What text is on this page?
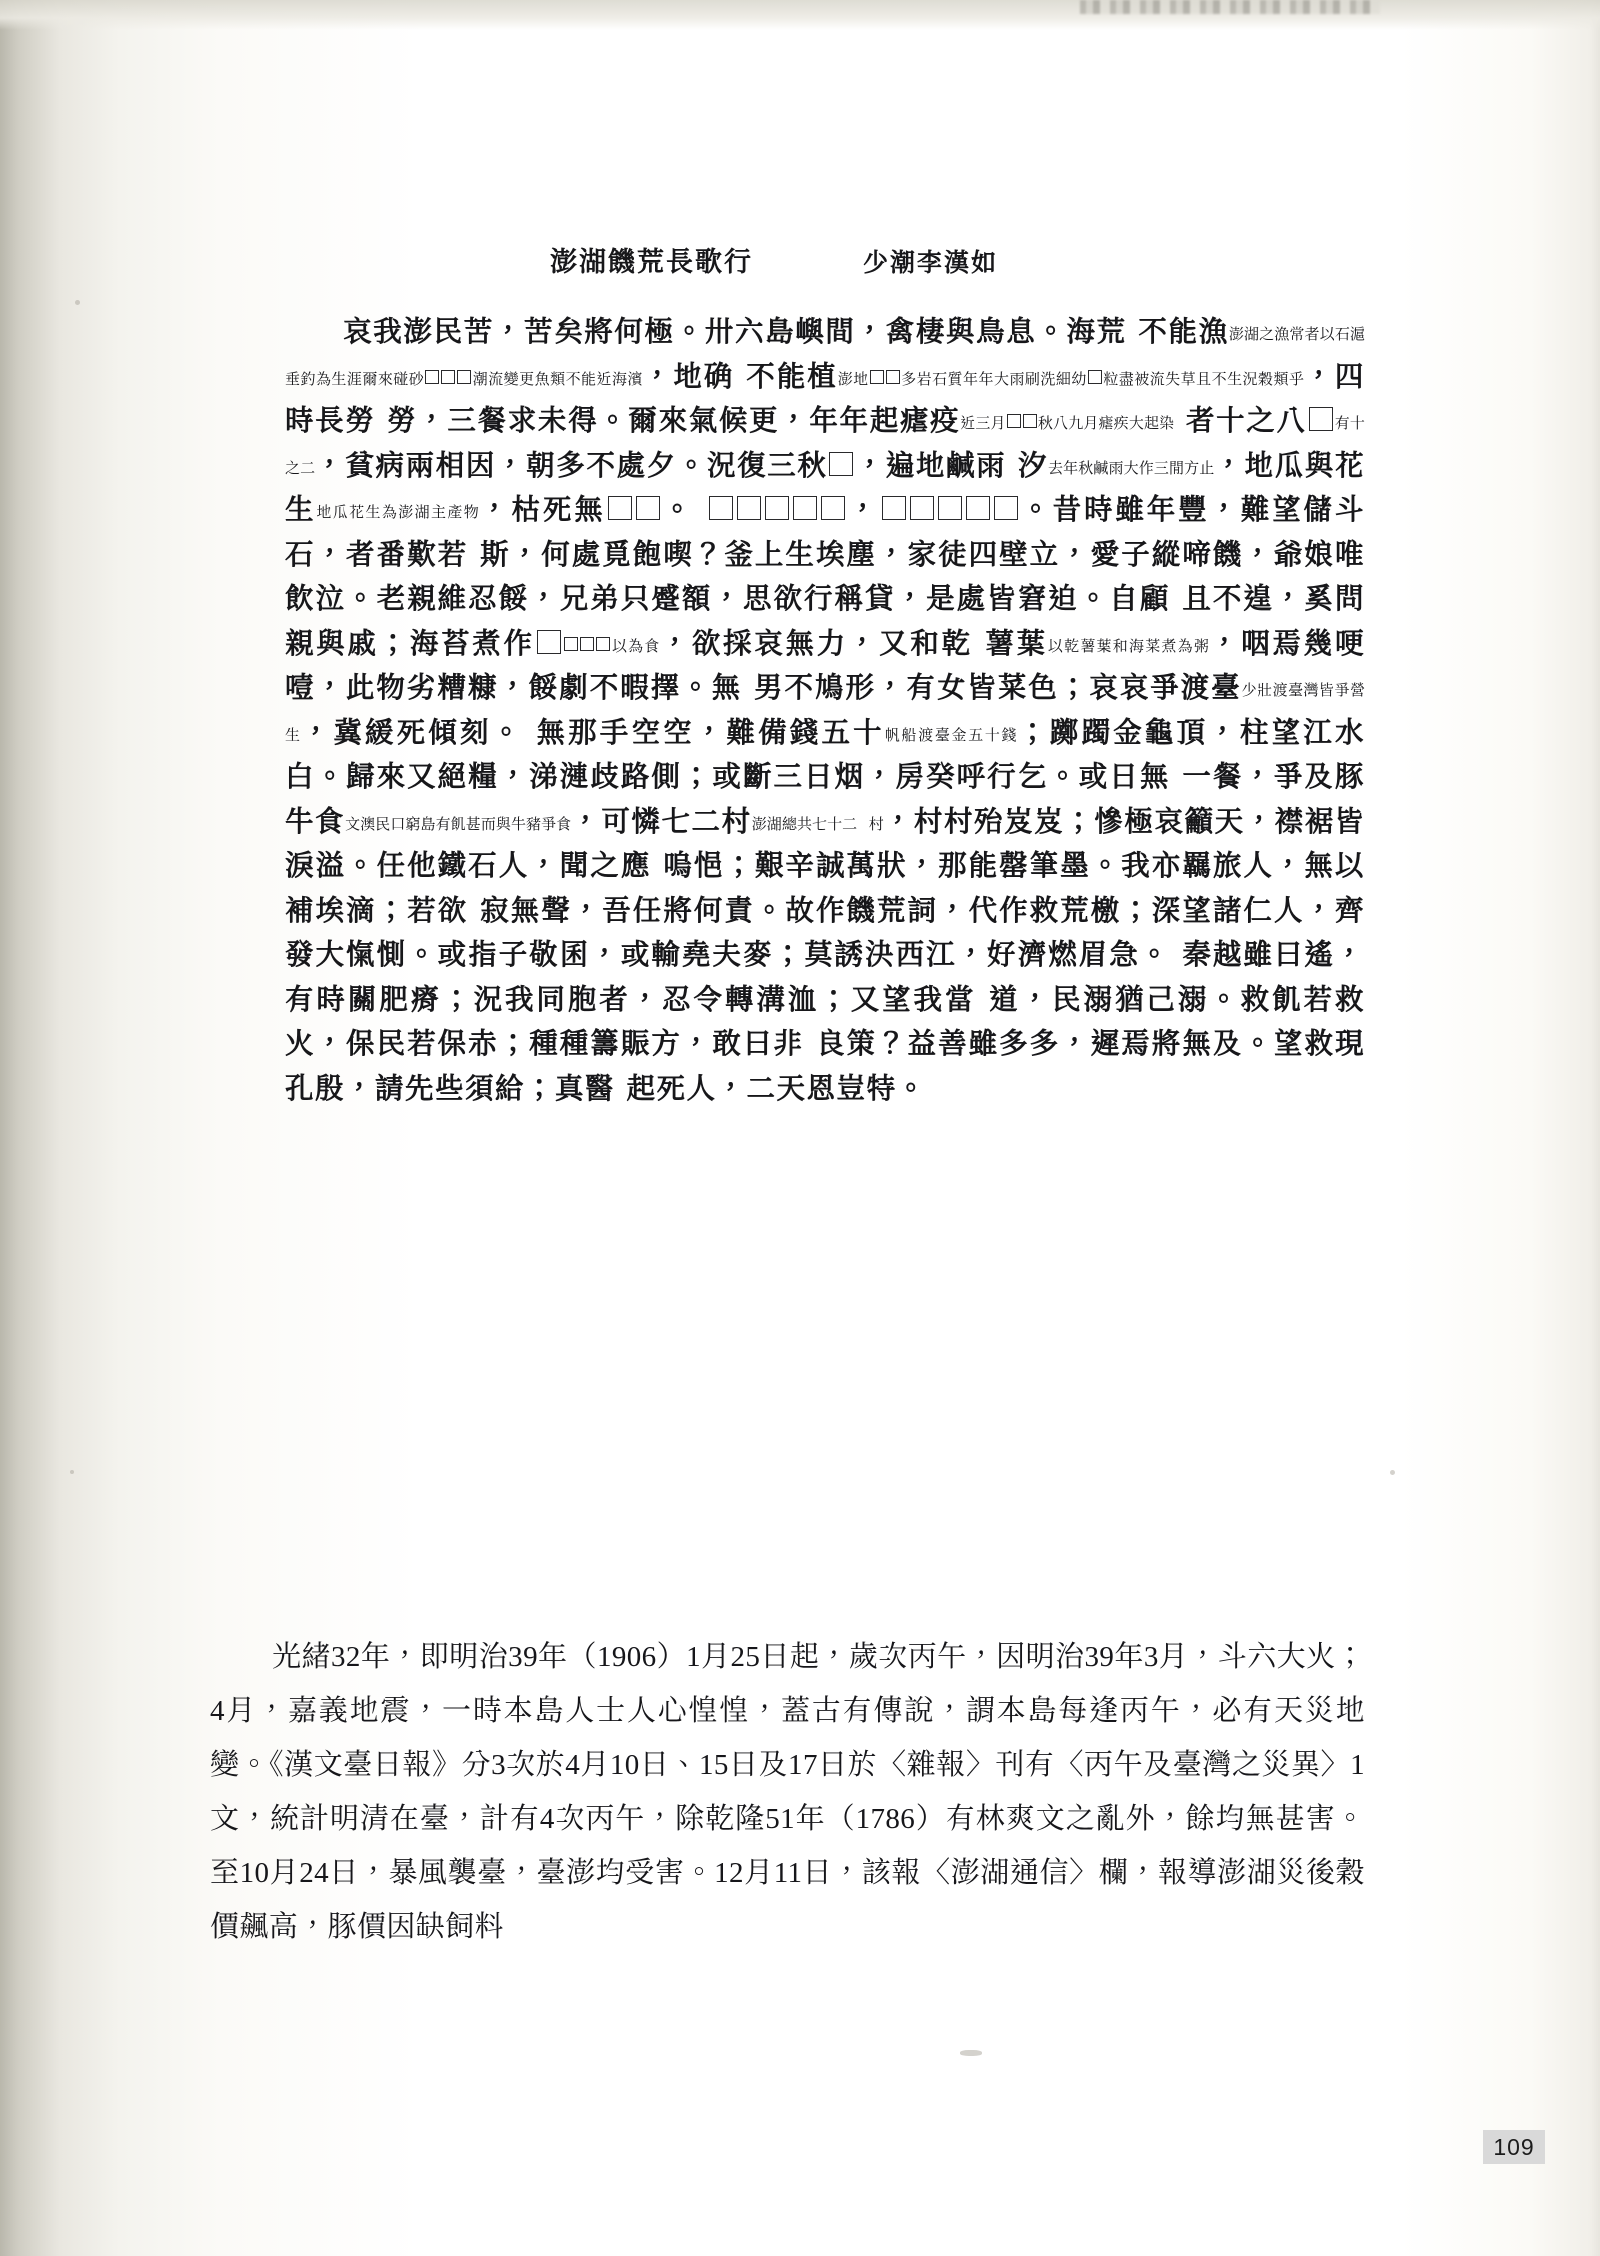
澎湖饑荒長歌行	少潮李漢如
哀我澎民苦，苦矣將何極。卅六島嶼間，禽棲與鳥息。海荒 不能漁澎湖之漁常者以石滬垂釣為生涯爾來碰砂	潮流變更魚類不能近海濱，地确 不能植澎地 多岩石質年年大雨刷洗細幼 粒盡被流失草且不生況穀類乎，四時長勞 勞，三餐求未得。爾來氣候更，年年起瘧疫近三月 秋八九月瘧疾大起染 者十之八 有十之二，貧病兩相因，朝多不處夕。況復三秋 ，遍地鹹雨 汐去年秋鹹雨大作三閒方止，地瓜與花生地瓜花生為澎湖主產物，枯死無 。	，	。昔時雖年豐，難望儲斗石，者番歎若 斯，何處覓飽喫？釜上生埃塵，家徒四壁立，愛子縱啼饑，爺娘唯 飲泣。老親維忍餒，兄弟只蹙額，思欲行稱貸，是處皆窘迫。自顧 且不遑，奚問親與戚；海苔煮作	以為食，欲採哀無力，又和乾 薯葉以乾薯葉和海菜煮為粥，咽焉幾哽噎，此物劣糟糠，餒劇不暇擇。無 男不鳩形，有女皆菜色；哀哀爭渡臺少壯渡臺灣皆爭營生，冀緩死傾刻。 無那手空空，難備錢五十帆船渡臺金五十錢；躑躅金龜頂，柱望江水 白。歸來又絕糧，涕漣歧路側；或斷三日烟，房癸呼行乞。或日無 一餐，爭及豚牛食文澳民口窮島有飢甚而與牛豬爭食，可憐七二村澎湖總共七十二 村，村村殆岌岌；慘極哀籲天，襟裾皆淚溢。任他鐵石人，聞之應 嗚悒；艱辛誠萬狀，那能罄筆墨。我亦羈旅人，無以補埃滴；若欲 寂無聲，吾任將何責。故作饑荒詞，代作救荒檄；深望諸仁人，齊 發大愾惻。或指子敬囷，或輸堯夫麥；莫誘決西江，好濟燃眉急。 秦越雖曰遙，有時關肥瘠；況我同胞者，忍令轉溝洫；又望我當 道，民溺猶己溺。救飢若救火，保民若保赤；種種籌賑方，敢曰非 良策？益善雖多多，遲焉將無及。望救現孔殷，請先些須給；真醫 起死人，二天恩豈特。
光緒32年，即明治39年（1906）1月25日起，歲次丙午，因明治39年3月，斗六大火；4月，嘉義地震，一時本島人士人心惶惶，蓋古有傳說，謂本島每逢丙午，必有天災地變。《漢文臺日報》分3次於4月10日、15日及17日於〈雜報〉刊有〈丙午及臺灣之災異〉1文，統計明清在臺，計有4次丙午，除乾隆51年（1786）有林爽文之亂外，餘均無甚害。至10月24日，暴風襲臺，臺澎均受害。12月11日，該報〈澎湖通信〉欄，報導澎湖災後穀價飆高，豚價因缺飼料
109
